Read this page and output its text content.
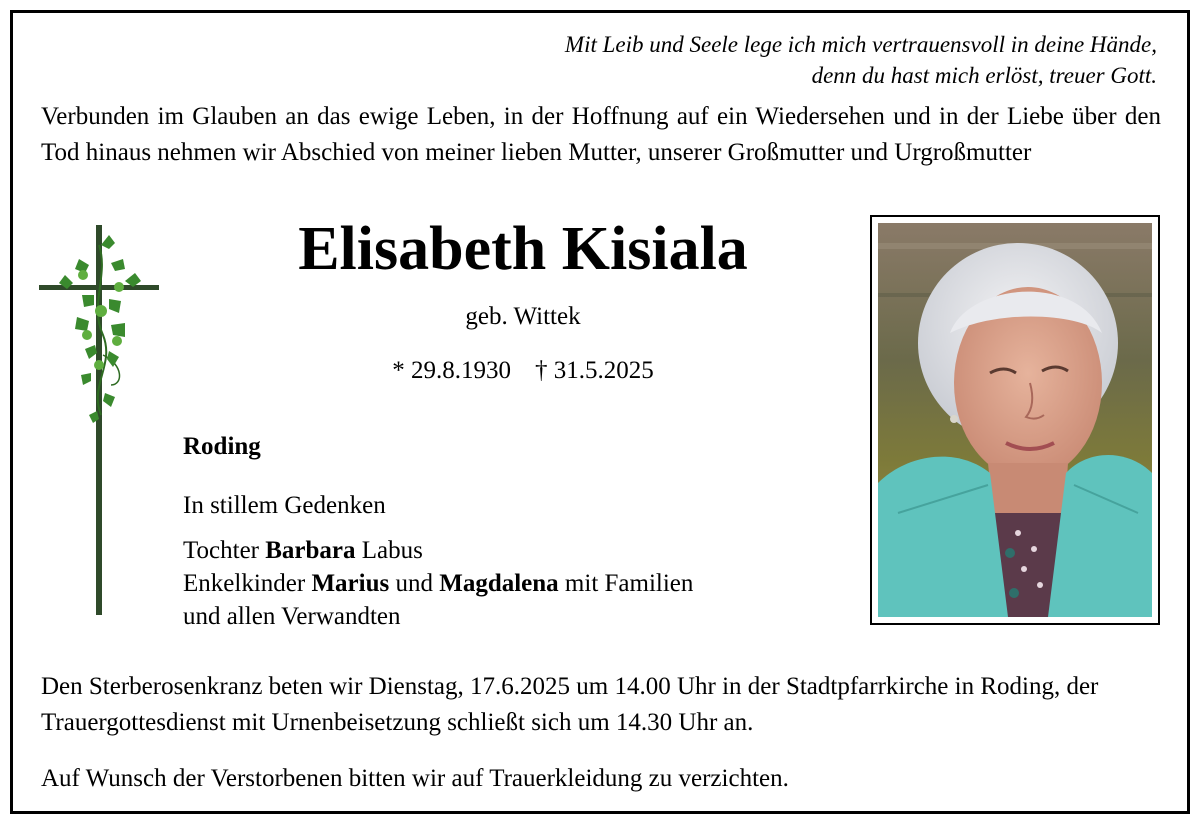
Mit Leib und Seele lege ich mich vertrauensvoll in deine Hände,
denn du hast mich erlöst, treuer Gott.
Verbunden im Glauben an das ewige Leben, in der Hoffnung auf ein Wiedersehen und in der Liebe über den Tod hinaus nehmen wir Abschied von meiner lieben Mutter, unserer Großmutter und Urgroßmutter
Elisabeth Kisiala
geb. Wittek
* 29.8.1930 † 31.5.2025
Roding
In stillem Gedenken
Tochter Barbara Labus
Enkelkinder Marius und Magdalena mit Familien
und allen Verwandten
Den Sterberosenkranz beten wir Dienstag, 17.6.2025 um 14.00 Uhr in der Stadtpfarrkirche in Roding, der Trauergottesdienst mit Urnenbeisetzung schließt sich um 14.30 Uhr an.
Auf Wunsch der Verstorbenen bitten wir auf Trauerkleidung zu verzichten.
